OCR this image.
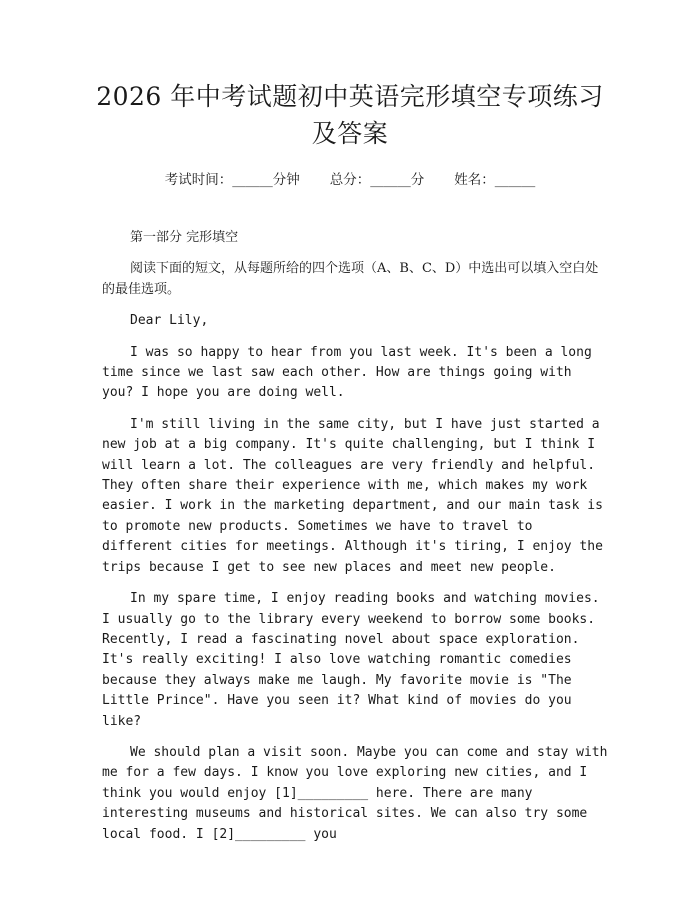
2026 年中考试题初中英语完形填空专项练习
及答案
考试时间：______分钟 总分：______分 姓名：______

第一部分 完形填空

阅读下面的短文，从每题所给的四个选项（A、B、C、D）中选出可以填入空白处的最佳选项。

Dear Lily,

I was so happy to hear from you last week. It's been a long time since we last saw each other. How are things going with you? I hope you are doing well.

I'm still living in the same city, but I have just started a new job at a big company. It's quite challenging, but I think I will learn a lot. The colleagues are very friendly and helpful. They often share their experience with me, which makes my work easier. I work in the marketing department, and our main task is to promote new products. Sometimes we have to travel to different cities for meetings. Although it's tiring, I enjoy the trips because I get to see new places and meet new people.

In my spare time, I enjoy reading books and watching movies. I usually go to the library every weekend to borrow some books. Recently, I read a fascinating novel about space exploration. It's really exciting! I also love watching romantic comedies because they always make me laugh. My favorite movie is "The Little Prince". Have you seen it? What kind of movies do you like?

We should plan a visit soon. Maybe you can come and stay with me for a few days. I know you love exploring new cities, and I think you would enjoy [1]_________ here. There are many interesting museums and historical sites. We can also try some local food. I [2]_________ you
